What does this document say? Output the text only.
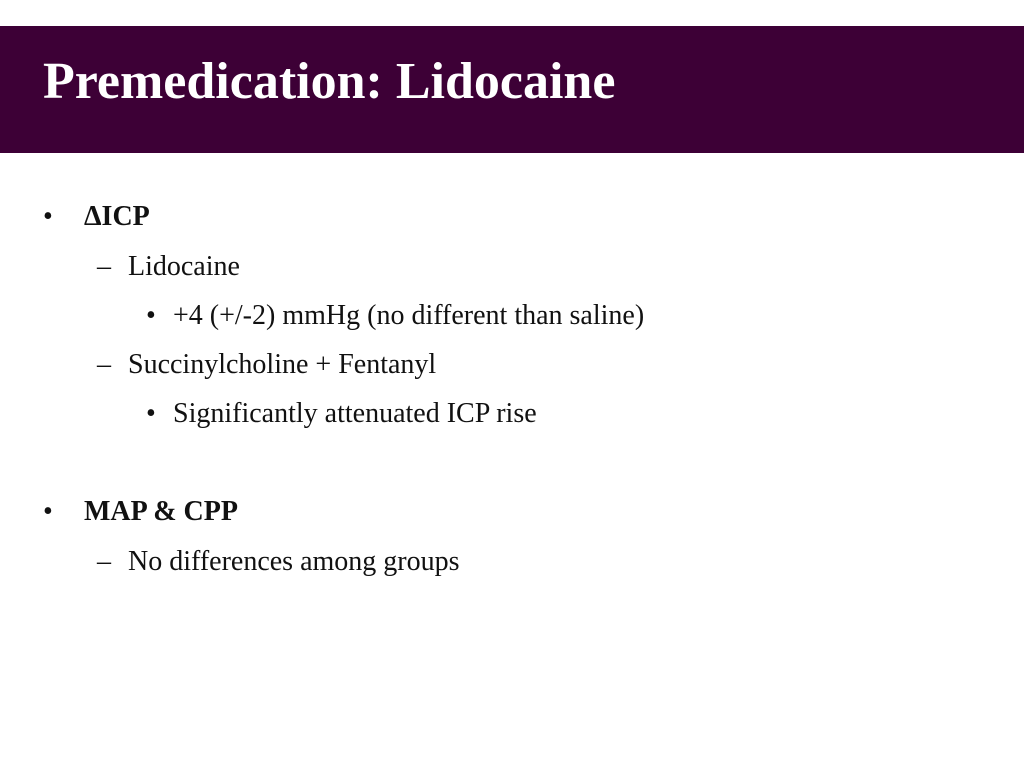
Premedication: Lidocaine
• ΔICP
– Lidocaine
• +4 (+/-2) mmHg (no different than saline)
– Succinylcholine + Fentanyl
• Significantly attenuated ICP rise
• MAP & CPP
– No differences among groups
